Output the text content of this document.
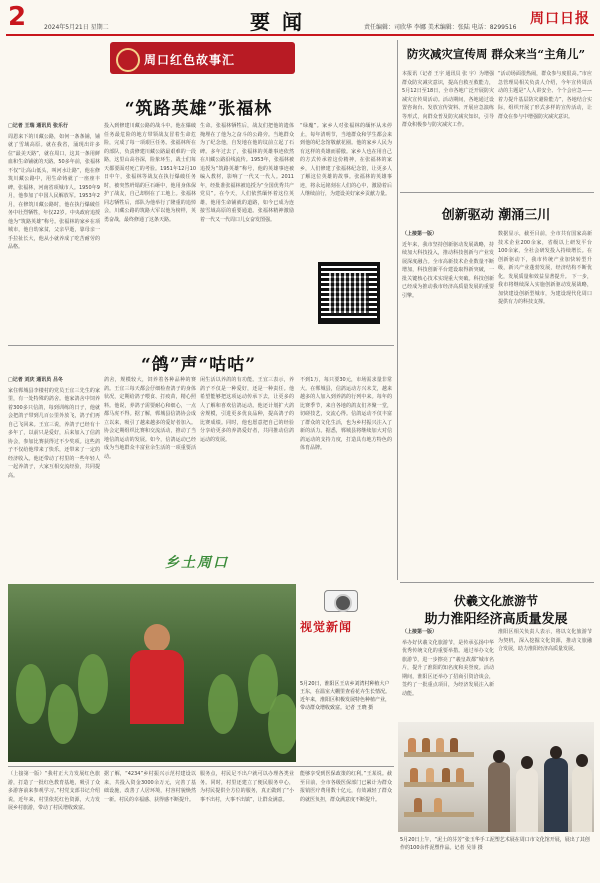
2	2024年5月21日 星期二	要闻	责任编辑：司欣华 李娜 美术编辑：张陆 电话：8299516
周口日报
周口红色故事汇
“筑路英雄”张福林
□记者 王瑞 通讯员 张乐行
周恩来下的川藏公路，如何一条条铺，铺就了雪域高原。就在我省，涌现出许多位“最美天路”，就在周口，这其一条用鲜血和生命铺就的天路。50多年前，张福林不仅“让高山低头，叫河水让路”，他在修筑川藏公路中，用生命铸就了一座座丰碑，张福林，河南省项城市人。1950年9月，他参加了中国人民解放军。1953年2月，在修筑川藏公路时，他在执行爆破任务中壮烈牺牲，年仅22岁。中央政府追授他为“筑路英雄”称号。张福林的家乡在项城市，他自幼家贫，父亲早逝，靠母亲一手拉扯长大，他从小就养成了吃苦耐劳的品格。
投入到修建川藏公路的战斗中。他在爆破任务最危险的地方带领战友冒着生命危险，完成了每一项艰巨任务。张福林所在的部队，负责修建川藏公路最艰难的一段路，这里山高谷深，险象环生，战士们每天都要面对死亡的考验。1951年12月10日中午，张福林等战友在执行爆破任务时，被突然坍塌的巨石砸中，他用身体保护了战友，自己却倒在了工地上。张福林同志牺牲后，部队为他举行了隆重的追悼会，川藏公路的筑路大军以他为榜样，英勇奋战，最终修通了这条天路。
生命。张福林牺牲后，战友们把他的遗体掩埋在了他为之奋斗的公路旁。当地群众为了纪念他，自发地在他的坟前立起了石碑。多年过去了，张福林的英雄事迹依然在川藏公路沿线流传。1953年，张福林被追授为“筑路英雄”称号，他的英雄事迹被编入教材，影响了一代又一代人。2011年，经批准张福林被追授为“全国优秀共产党员”。在今天，人们依然缅怀着这位英雄，他用生命铺就的道路，如今已成为连接雪域高原的重要通道。张福林精神激励着一代又一代周口儿女奋发图强。
“绿魔”。家乡人对张福林的缅怀从未停止，每年清明节，当地群众和学生都会来到他的纪念馆敬献花圈。他的家乡人民为有这样的英雄而骄傲。家乡人也在用自己的方式传承着这份精神，在张福林的家乡，人们修建了张福林纪念馆，让更多人了解这位英雄的故事。张福林的英雄事迹，将永远铭刻在人们的心中，激励着后人继续前行，为建设美好家乡贡献力量。
“鸽”声“咕咕”
□记者 刘庆 通讯员 吕冬
家住郸城县李楼村的党员王宜三先生的家里，有一处特殊的鸽舍。他家鸽舍中饲养着300多只信鸽，每到训练的日子，他就会把鸽子带到几百公里外放飞，鸽子们再自己飞回来。王宜三说，养鸽子已经有十多年了，以前只是爱好，后来加入了信鸽协会，参加比赛获得过不少奖项。这些鸽子不仅给他带来了快乐，还带来了一定的经济收入。他还带动了村里的一些年轻人一起养鸽子，大家互相交流经验，共同提高。
鸽舍，规模较大，饲养着各种品种的赛鸽。王宜三每天都会仔细检查鸽子的身体状况，定期给鸽子喂食、打疫苗，精心照料。他说，养鸽子需要耐心和细心，一点都马虎不得。据了解，郸城县信鸽协会成立以来，吸引了越来越多的爱好者加入。协会定期组织比赛和交流活动，推动了当地信鸽运动的发展。如今，信鸽运动已经成为当地群众丰富业余生活的一项重要活动。
闲生活以养鸽的有功能。王宜三表示，养鸽子不仅是一种爱好，还是一种责任。他希望能够把这项运动传承下去，让更多的人了解和喜欢信鸽运动。他还计划扩大鸽舍规模，引进更多优良品种，提高鸽子的比赛成绩。同时，他也愿意把自己的经验分享给更多的养鸽爱好者，共同推动信鸽运动的发展。
不到1万，每只要30元，市场需求量非常大。在郸城县，信鸽运动方兴未艾，越来越多的人加入到养鸽的行列中来。每年的比赛季节，来自各地的鸽友们齐聚一堂，切磋技艺，交流心得。信鸽运动不仅丰富了群众的文化生活，也为乡村振兴注入了新的活力。据悉，郸城县将继续加大对信鸽运动的支持力度，打造具有地方特色的体育品牌。
乡土周口
视觉新闻
5月20日，淮阳区王店乡刘湾村种植大户王东，在温室大棚里查看花卉生长情况。近年来，淮阳区积极发展特色种植产业，带动群众增收致富。记者 王晓 摄
（上接第一版）“我村正大力发展红色旅游，打造了一批红色教育基地，吸引了众多游客前来参观学习。”村党支部书记介绍说，近年来，村里依托红色资源，大力发展乡村旅游，带动了村民增收致富。
据了解，“4234”乡村振兴示范村建设以来，共投入资金3000余万元，完善了基础设施，改善了人居环境，村容村貌焕然一新。村民的幸福感、获得感不断提升。
服务点，村民足不出户就可以办理各类业务。同时，村里还建立了便民服务中心，为村民提供全方位的服务，真正做到了“小事不出村，大事不出镇”，让群众满意。
能够享受到医保政策的红利。”王某说。截至目前，全市各级医保部门已累计为群众报销医疗费用数十亿元，有效减轻了群众的就医负担，群众满意度不断提升。
防灾减灾宣传周 群众来当“主角儿”
本报讯（记者 王宇 通讯员 张 宇）为增强群众防灾减灾意识，提高自救互救能力，5月12日至18日，全市各地广泛开展防灾减灾宣传周活动。活动期间，各地通过设置咨询台、发放宣传资料、开展应急演练等形式，向群众普及防灾减灾知识，引导群众积极参与防灾减灾工作。
“活动场面很热闹，群众参与度很高。”市应急管理局相关负责人介绍，今年宣传周活动的主题是“人人讲安全、个个会应急——着力提升基层防灾避险能力”，各地结合实际，组织开展了形式多样的宣传活动，让群众在参与中增强防灾减灾意识。
创新驱动 潮涌三川
（上接第一版）
近年来，我市坚持创新驱动发展战略，持续加大科技投入，推动科技创新与产业发展深度融合。全市高新技术企业数量不断增加，科技创新平台建设取得新突破，一批关键核心技术实现重大突破。科技创新已经成为推动我市经济高质量发展的重要引擎。
数据显示，截至目前，全市共有国家高新技术企业200余家，省级以上研发平台100余家，全社会研发投入持续增长。在创新驱动下，我市传统产业加快转型升级，新兴产业蓬勃发展，经济结构不断优化，发展质量和效益显著提升。 下一步，我市将继续深入实施创新驱动发展战略，加快建设创新型城市，为建设现代化周口提供有力的科技支撑。
伏羲文化旅游节
助力淮阳经济高质量发展
（上接第一版）
举办好伏羲文化旅游节，是传承弘扬中华优秀传统文化的重要举措。通过举办文化旅游节，进一步擦亮了“羲皇故都”城市名片，提升了淮阳的知名度和美誉度。活动期间，淮阳区还举办了招商引资洽谈会，签约了一批重点项目，为经济发展注入新动能。
淮阳区相关负责人表示，将以文化旅游节为契机，深入挖掘文化资源，推动文旅融合发展，助力淮阳经济高质量发展。
5月20日上午，“泥土的芬芳”张玉华手工泥塑艺术展在周口市文化馆开展，展出了其创作的100余件泥塑作品。记者 吴菲 摄
